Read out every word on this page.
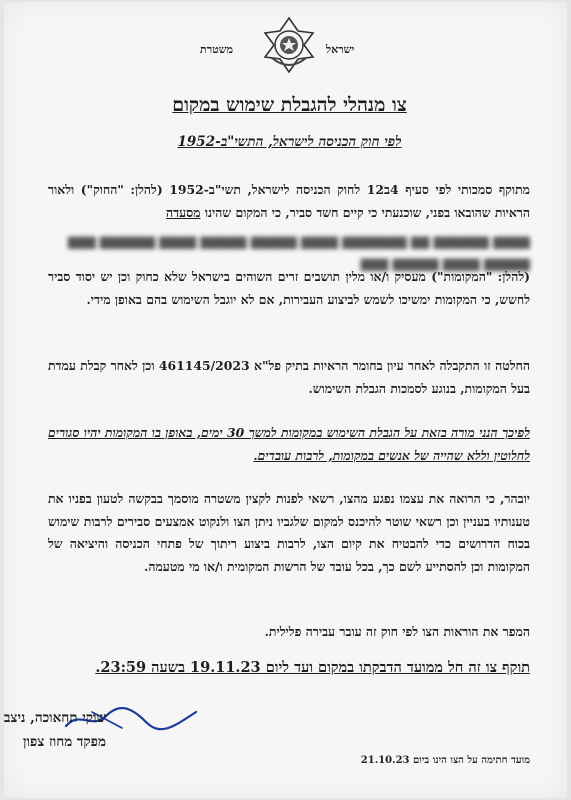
משטרת	ישראל
צו מנהלי להגבלת שימוש במקום
לפי חוק הכניסה לישראל, התשי"ב-1952
מתוקף סמכותי לפי סעיף 4ב12 לחוק הכניסה לישראל, תשי"ב-1952 (להלן: "החוק") ולאור הראיות שהובאו בפני, שוכנעתי כי קיים חשד סביר, כי המקום שהינו מסעדה
▇▇▇▇ ▇▇▇▇▇▇ ▇▇ ▇▇▇▇▇▇▇ ▇▇▇▇ ▇▇▇▇▇ ▇▇▇▇▇ ▇▇▇▇ ▇▇▇▇▇▇ ▇▇▇ ▇▇▇▇▇ ▇▇▇▇ ▇▇▇▇▇ ▇▇▇

(להלן: "המקומות") מעסיק ו/או מלין תושבים זרים השוהים בישראל שלא כחוק וכן יש יסוד סביר לחשש, כי המקומות ימשיכו לשמש לביצוע העבירות, אם לא יוגבל השימוש בהם באופן מידי.
החלטה זו התקבלה לאחר עיון בחומר הראיות בתיק פל"א 461145/2023 וכן לאחר קבלת עמדת בעל המקומות, בנוגע לסמכות הגבלת השימוש.
לפיכך הנני מורה בזאת על הגבלת השימוש במקומות למשך 30 ימים, באופן בו המקומות יהיו סגורים לחלוטין וללא שהייה של אנשים במקומות, לרבות עובדים.
יובהר, כי הרואה את עצמו נפגע מהצו, רשאי לפנות לקצין משטרה מוסמך בבקשה לטעון בפניו את טענותיו בעניין וכן רשאי שוטר להיכנס למקום שלגביו ניתן הצו ולנקוט אמצעים סבירים לרבות שימוש בכוח הדרושים כדי להבטיח את קיום הצו, לרבות ביצוע ריתוך של פתחי הכניסה והיציאה של המקומות וכן להסתייע לשם כך, בכל עובד של הרשות המקומית ו/או מי מטעמה.
המפר את הוראות הצו לפי חוק זה עובר עבירה פלילית.
תוקף צו זה חל ממועד הדבקתו במקום ועד ליום 19.11.23 בשעה 23:59.
שוקי תחאוכה, ניצב
מפקד מחוז צפון
מועד חתימה על הצו הינו ביום 21.10.23
